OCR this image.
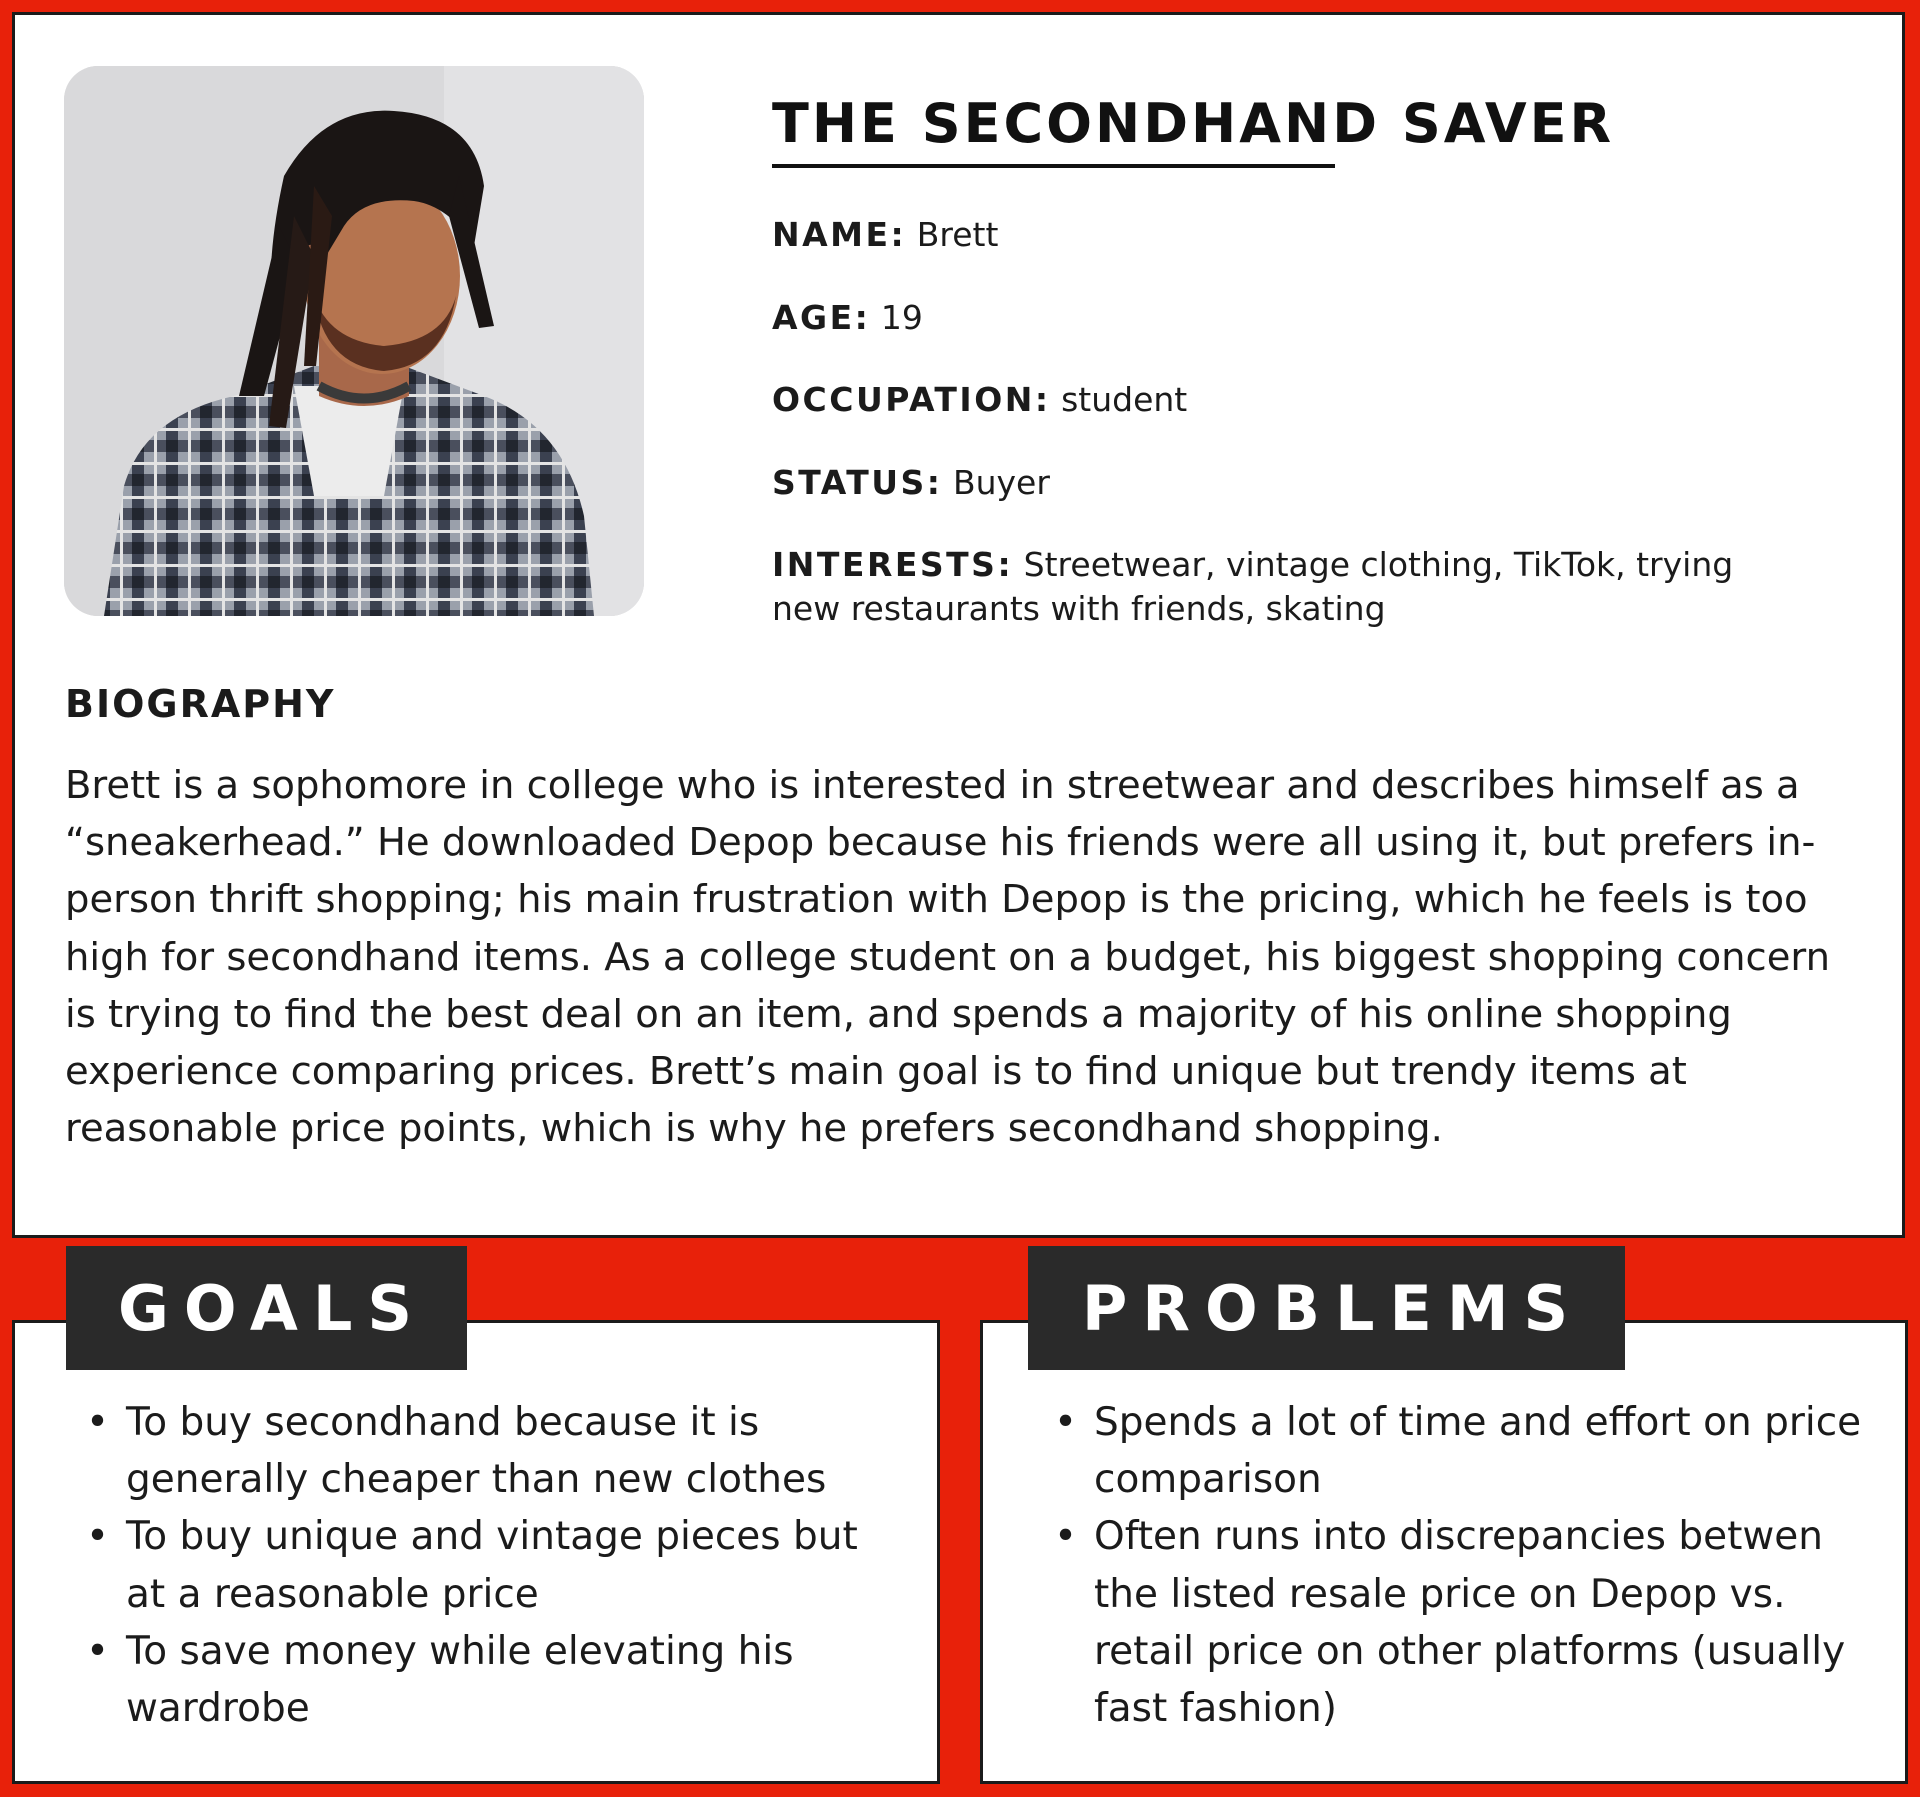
THE SECONDHAND SAVER
NAME: Brett
AGE: 19
OCCUPATION: student
STATUS: Buyer
INTERESTS: Streetwear, vintage clothing, TikTok, trying new restaurants with friends, skating
BIOGRAPHY

Brett is a sophomore in college who is interested in streetwear and describes himself as a “sneakerhead.” He downloaded Depop because his friends were all using it, but prefers in-person thrift shopping; his main frustration with Depop is the pricing, which he feels is too high for secondhand items. As a college student on a budget, his biggest shopping concern is trying to find the best deal on an item, and spends a majority of his online shopping experience comparing prices. Brett’s main goal is to find unique but trendy items at reasonable price points, which is why he prefers secondhand shopping.

GOALS	PROBLEMS
• To buy secondhand because it is generally cheaper than new clothes
• To buy unique and vintage pieces but at a reasonable price
• To save money while elevating his wardrobe
• Spends a lot of time and effort on price comparison
• Often runs into discrepancies betwen the listed resale price on Depop vs. retail price on other platforms (usually fast fashion)
